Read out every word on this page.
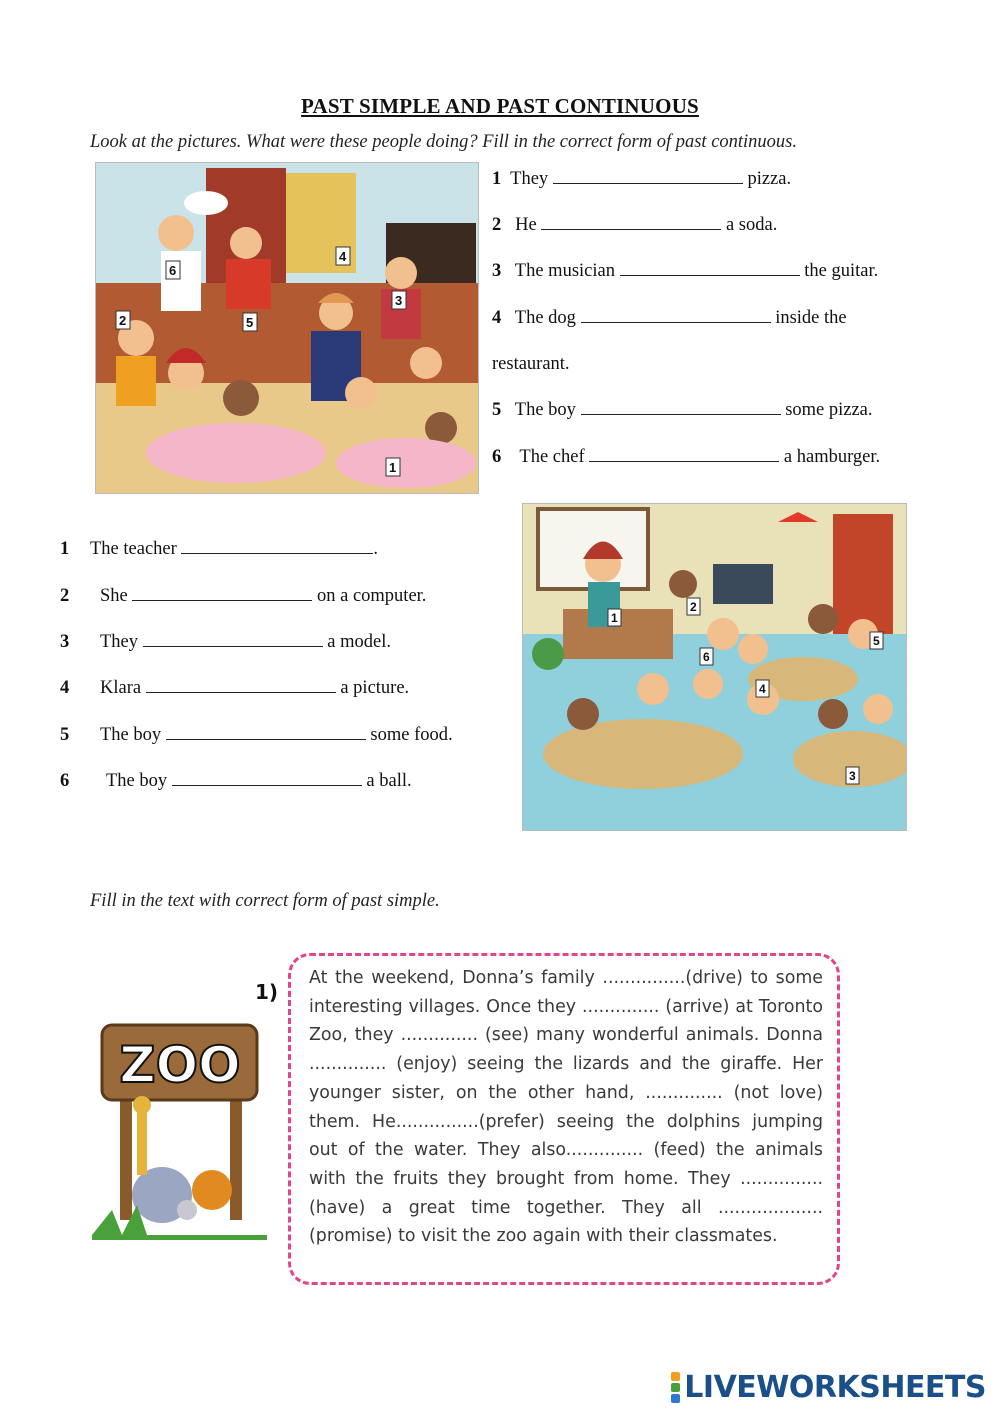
PAST SIMPLE AND PAST CONTINUOUS
Look at the pictures. What were these people doing? Fill in the correct form of past continuous.
6
4
2	5
3
1
1 They	pizza.
2 He	a soda.
3 The musician	the guitar.
4 The dog	inside the
restaurant.
5 The boy	some pizza.
6 The chef	a hamburger.
1 The teacher	.
2 She	on a computer.
3 They	a model.
4 Klara	a picture.
5 The boy	some food.
6 The boy	a ball.
1
2
6
5
4
3
Fill in the text with correct form of past simple.
ZOO
1)
At the weekend, Donna’s family ...............(drive) to some interesting villages. Once they .............. (arrive) at Toronto Zoo, they .............. (see) many wonderful animals. Donna .............. (enjoy) seeing the lizards and the giraffe. Her younger sister, on the other hand, .............. (not love) them. He...............(prefer) seeing the dolphins jumping out of the water. They also.............. (feed) the animals with the fruits they brought from home. They ............... (have) a great time together. They all ................... (promise) to visit the zoo again with their classmates.
LIVEWORKSHEETS
